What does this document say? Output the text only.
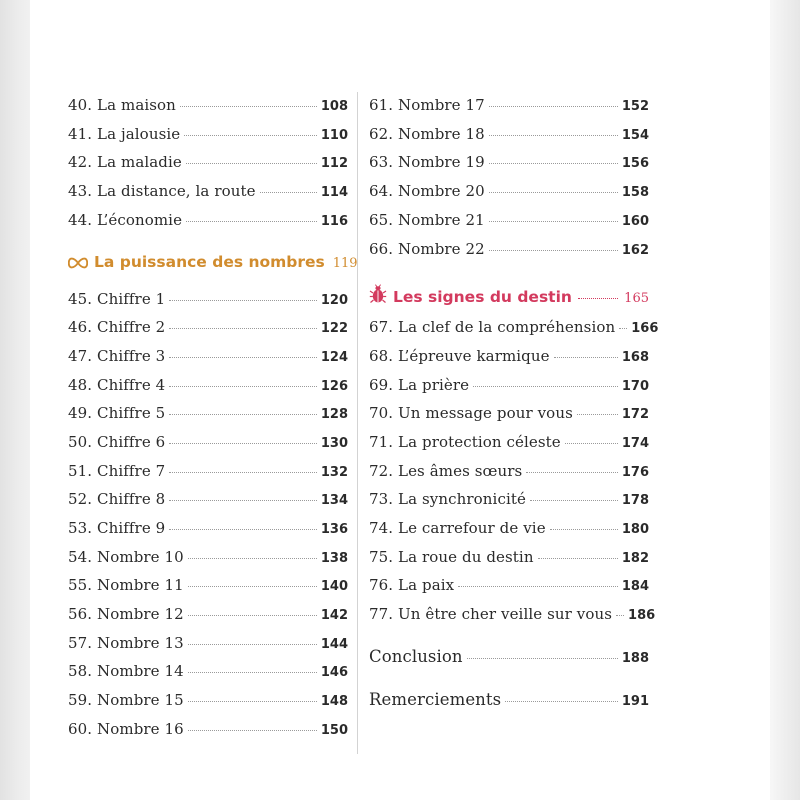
40. La maison	108
41. La jalousie	110
42. La maladie	112
43. La distance, la route	114
44. L’économie	116
La puissance des nombres 119
45. Chiffre 1	120
46. Chiffre 2	122
47. Chiffre 3	124
48. Chiffre 4	126
49. Chiffre 5	128
50. Chiffre 6	130
51. Chiffre 7	132
52. Chiffre 8	134
53. Chiffre 9	136
54. Nombre 10	138
55. Nombre 11	140
56. Nombre 12	142
57. Nombre 13	144
58. Nombre 14	146
59. Nombre 15	148
60. Nombre 16	150
61. Nombre 17	152
62. Nombre 18	154
63. Nombre 19	156
64. Nombre 20	158
65. Nombre 21	160
66. Nombre 22	162
Les signes du destin	165
67. La clef de la compréhension 166
68. L’épreuve karmique	168
69. La prière	170
70. Un message pour vous	172
71. La protection céleste	174
72. Les âmes sœurs	176
73. La synchronicité	178
74. Le carrefour de vie	180
75. La roue du destin	182
76. La paix	184
77. Un être cher veille sur vous 186
Conclusion	188
Remerciements	191
